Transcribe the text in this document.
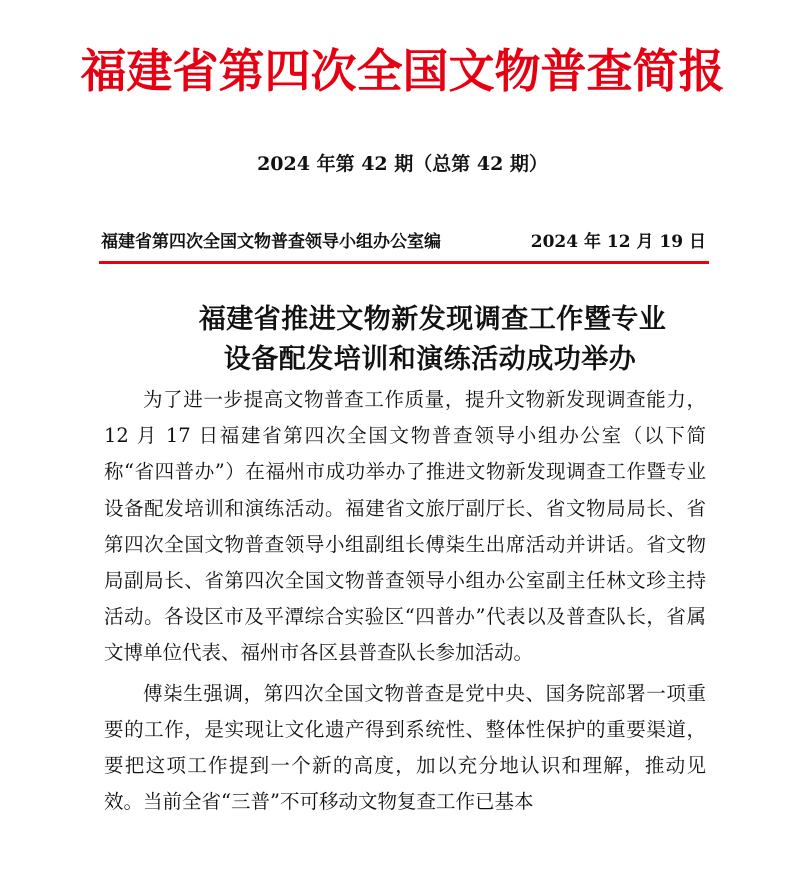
福建省第四次全国文物普查简报
2024 年第 42 期（总第 42 期）
福建省第四次全国文物普查领导小组办公室编	2024 年 12 月 19 日
福建省推进文物新发现调查工作暨专业
设备配发培训和演练活动成功举办

为了进一步提高文物普查工作质量，提升文物新发现调查能力，12 月 17 日福建省第四次全国文物普查领导小组办公室（以下简称“省四普办”）在福州市成功举办了推进文物新发现调查工作暨专业设备配发培训和演练活动。福建省文旅厅副厅长、省文物局局长、省第四次全国文物普查领导小组副组长傅柒生出席活动并讲话。省文物局副局长、省第四次全国文物普查领导小组办公室副主任林文珍主持活动。各设区市及平潭综合实验区“四普办”代表以及普查队长，省属文博单位代表、福州市各区县普查队长参加活动。

傅柒生强调，第四次全国文物普查是党中央、国务院部署一项重要的工作，是实现让文化遗产得到系统性、整体性保护的重要渠道，要把这项工作提到一个新的高度，加以充分地认识和理解，推动见效。当前全省“三普”不可移动文物复查工作已基本
